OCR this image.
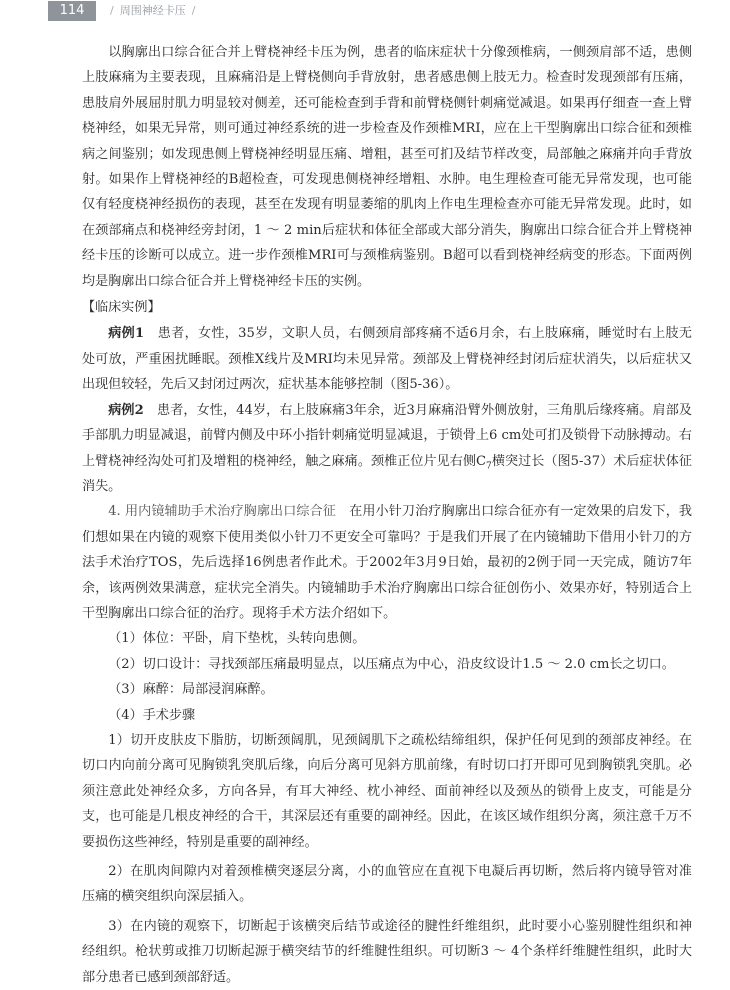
114	/ 周围神经卡压 /

以胸廓出口综合征合并上臂桡神经卡压为例，患者的临床症状十分像颈椎病，一侧颈肩部不适，患侧上肢麻痛为主要表现，且麻痛沿是上臂桡侧向手背放射，患者感患侧上肢无力。检查时发现颈部有压痛，患肢肩外展屈肘肌力明显较对侧差，还可能检查到手背和前臂桡侧针刺痛觉减退。如果再仔细查一查上臂桡神经，如果无异常，则可通过神经系统的进一步检查及作颈椎MRI，应在上干型胸廓出口综合征和颈椎病之间鉴别；如发现患侧上臂桡神经明显压痛、增粗，甚至可扪及结节样改变，局部触之麻痛并向手背放射。如果作上臂桡神经的B超检查，可发现患侧桡神经增粗、水肿。电生理检查可能无异常发现，也可能仅有轻度桡神经损伤的表现，甚至在发现有明显萎缩的肌肉上作电生理检查亦可能无异常发现。此时，如在颈部痛点和桡神经旁封闭，1 ～ 2 min后症状和体征全部或大部分消失，胸廓出口综合征合并上臂桡神经卡压的诊断可以成立。进一步作颈椎MRI可与颈椎病鉴别。B超可以看到桡神经病变的形态。下面两例均是胸廓出口综合征合并上臂桡神经卡压的实例。

【临床实例】

病例1　患者，女性，35岁，文职人员，右侧颈肩部疼痛不适6月余，右上肢麻痛，睡觉时右上肢无处可放，严重困扰睡眠。颈椎X线片及MRI均未见异常。颈部及上臂桡神经封闭后症状消失，以后症状又出现但较轻，先后又封闭过两次，症状基本能够控制（图5-36）。

病例2　患者，女性，44岁，右上肢麻痛3年余，近3月麻痛沿臂外侧放射，三角肌后缘疼痛。肩部及手部肌力明显减退，前臂内侧及中环小指针刺痛觉明显减退，于锁骨上6 cm处可扪及锁骨下动脉搏动。右上臂桡神经沟处可扪及增粗的桡神经，触之麻痛。颈椎正位片见右侧$C_7$横突过长（图5-37）术后症状体征消失。

4. 用内镜辅助手术治疗胸廓出口综合征　在用小针刀治疗胸廓出口综合征亦有一定效果的启发下，我们想如果在内镜的观察下使用类似小针刀不更安全可靠吗？于是我们开展了在内镜辅助下借用小针刀的方法手术治疗TOS，先后选择16例患者作此术。于2002年3月9日始，最初的2例于同一天完成，随访7年余，该两例效果满意，症状完全消失。内镜辅助手术治疗胸廓出口综合征创伤小、效果亦好，特别适合上干型胸廓出口综合征的治疗。现将手术方法介绍如下。

（1）体位：平卧，肩下垫枕，头转向患侧。

（2）切口设计：寻找颈部压痛最明显点，以压痛点为中心，沿皮纹设计1.5 ～ 2.0 cm长之切口。

（3）麻醉：局部浸润麻醉。

（4）手术步骤

1）切开皮肤皮下脂肪，切断颈阔肌，见颈阔肌下之疏松结缔组织，保护任何见到的颈部皮神经。在切口内向前分离可见胸锁乳突肌后缘，向后分离可见斜方肌前缘，有时切口打开即可见到胸锁乳突肌。必须注意此处神经众多，方向各异，有耳大神经、枕小神经、面前神经以及颈丛的锁骨上皮支，可能是分支，也可能是几根皮神经的合干，其深层还有重要的副神经。因此，在该区域作组织分离，须注意千万不要损伤这些神经，特别是重要的副神经。

2）在肌肉间隙内对着颈椎横突逐层分离，小的血管应在直视下电凝后再切断，然后将内镜导管对准压痛的横突组织向深层插入。

3）在内镜的观察下，切断起于该横突后结节或途径的腱性纤维组织，此时要小心鉴别腱性组织和神经组织。枪状剪或推刀切断起源于横突结节的纤维腱性组织。可切断3 ～ 4个条样纤维腱性组织，此时大部分患者已感到颈部舒适。
